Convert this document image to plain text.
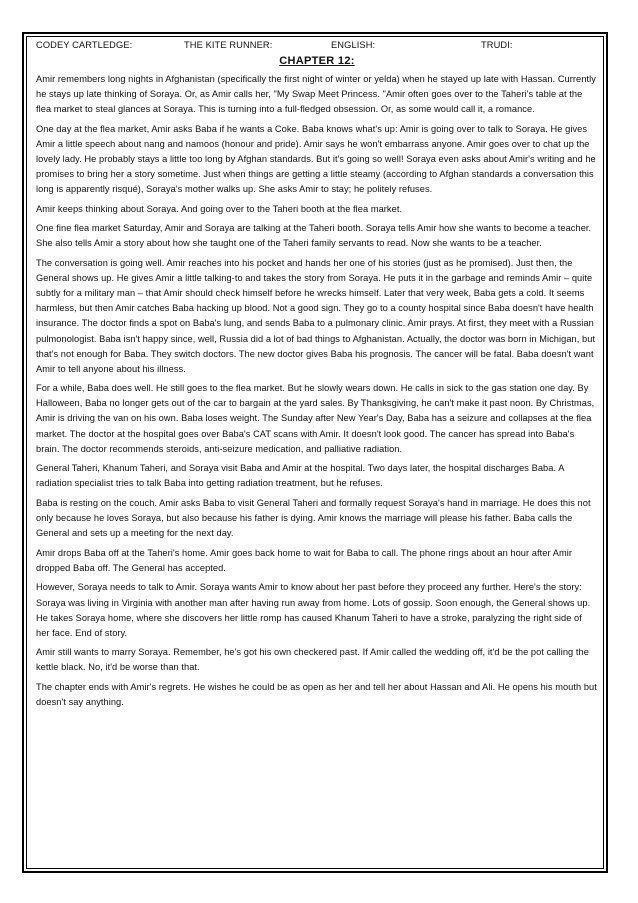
CODEY CARTLEDGE:	THE KITE RUNNER:	ENGLISH:	TRUDI:
CHAPTER 12:

Amir remembers long nights in Afghanistan (specifically the first night of winter or yelda) when he stayed up late with Hassan. Currently he stays up late thinking of Soraya. Or, as Amir calls her, "My Swap Meet Princess. "Amir often goes over to the Taheri's table at the flea market to steal glances at Soraya. This is turning into a full-fledged obsession. Or, as some would call it, a romance.

One day at the flea market, Amir asks Baba if he wants a Coke. Baba knows what's up: Amir is going over to talk to Soraya. He gives Amir a little speech about nang and namoos (honour and pride). Amir says he won't embarrass anyone. Amir goes over to chat up the lovely lady. He probably stays a little too long by Afghan standards. But it's going so well! Soraya even asks about Amir's writing and he promises to bring her a story sometime. Just when things are getting a little steamy (according to Afghan standards a conversation this long is apparently risqué), Soraya's mother walks up. She asks Amir to stay; he politely refuses.

Amir keeps thinking about Soraya. And going over to the Taheri booth at the flea market.

One fine flea market Saturday, Amir and Soraya are talking at the Taheri booth. Soraya tells Amir how she wants to become a teacher. She also tells Amir a story about how she taught one of the Taheri family servants to read. Now she wants to be a teacher.

The conversation is going well. Amir reaches into his pocket and hands her one of his stories (just as he promised). Just then, the General shows up. He gives Amir a little talking-to and takes the story from Soraya. He puts it in the garbage and reminds Amir – quite subtly for a military man – that Amir should check himself before he wrecks himself. Later that very week, Baba gets a cold. It seems harmless, but then Amir catches Baba hacking up blood. Not a good sign. They go to a county hospital since Baba doesn't have health insurance. The doctor finds a spot on Baba's lung, and sends Baba to a pulmonary clinic. Amir prays. At first, they meet with a Russian pulmonologist. Baba isn't happy since, well, Russia did a lot of bad things to Afghanistan. Actually, the doctor was born in Michigan, but that's not enough for Baba. They switch doctors. The new doctor gives Baba his prognosis. The cancer will be fatal. Baba doesn't want Amir to tell anyone about his illness.

For a while, Baba does well. He still goes to the flea market. But he slowly wears down. He calls in sick to the gas station one day. By Halloween, Baba no longer gets out of the car to bargain at the yard sales. By Thanksgiving, he can't make it past noon. By Christmas, Amir is driving the van on his own. Baba loses weight. The Sunday after New Year's Day, Baba has a seizure and collapses at the flea market. The doctor at the hospital goes over Baba's CAT scans with Amir. It doesn't look good. The cancer has spread into Baba's brain. The doctor recommends steroids, anti-seizure medication, and palliative radiation.

General Taheri, Khanum Taheri, and Soraya visit Baba and Amir at the hospital. Two days later, the hospital discharges Baba. A radiation specialist tries to talk Baba into getting radiation treatment, but he refuses.

Baba is resting on the couch. Amir asks Baba to visit General Taheri and formally request Soraya's hand in marriage. He does this not only because he loves Soraya, but also because his father is dying. Amir knows the marriage will please his father. Baba calls the General and sets up a meeting for the next day.

Amir drops Baba off at the Taheri's home. Amir goes back home to wait for Baba to call. The phone rings about an hour after Amir dropped Baba off. The General has accepted.

However, Soraya needs to talk to Amir. Soraya wants Amir to know about her past before they proceed any further. Here's the story: Soraya was living in Virginia with another man after having run away from home. Lots of gossip. Soon enough, the General shows up. He takes Soraya home, where she discovers her little romp has caused Khanum Taheri to have a stroke, paralyzing the right side of her face. End of story.

Amir still wants to marry Soraya. Remember, he's got his own checkered past. If Amir called the wedding off, it'd be the pot calling the kettle black. No, it'd be worse than that.

The chapter ends with Amir's regrets. He wishes he could be as open as her and tell her about Hassan and Ali. He opens his mouth but doesn't say anything.
